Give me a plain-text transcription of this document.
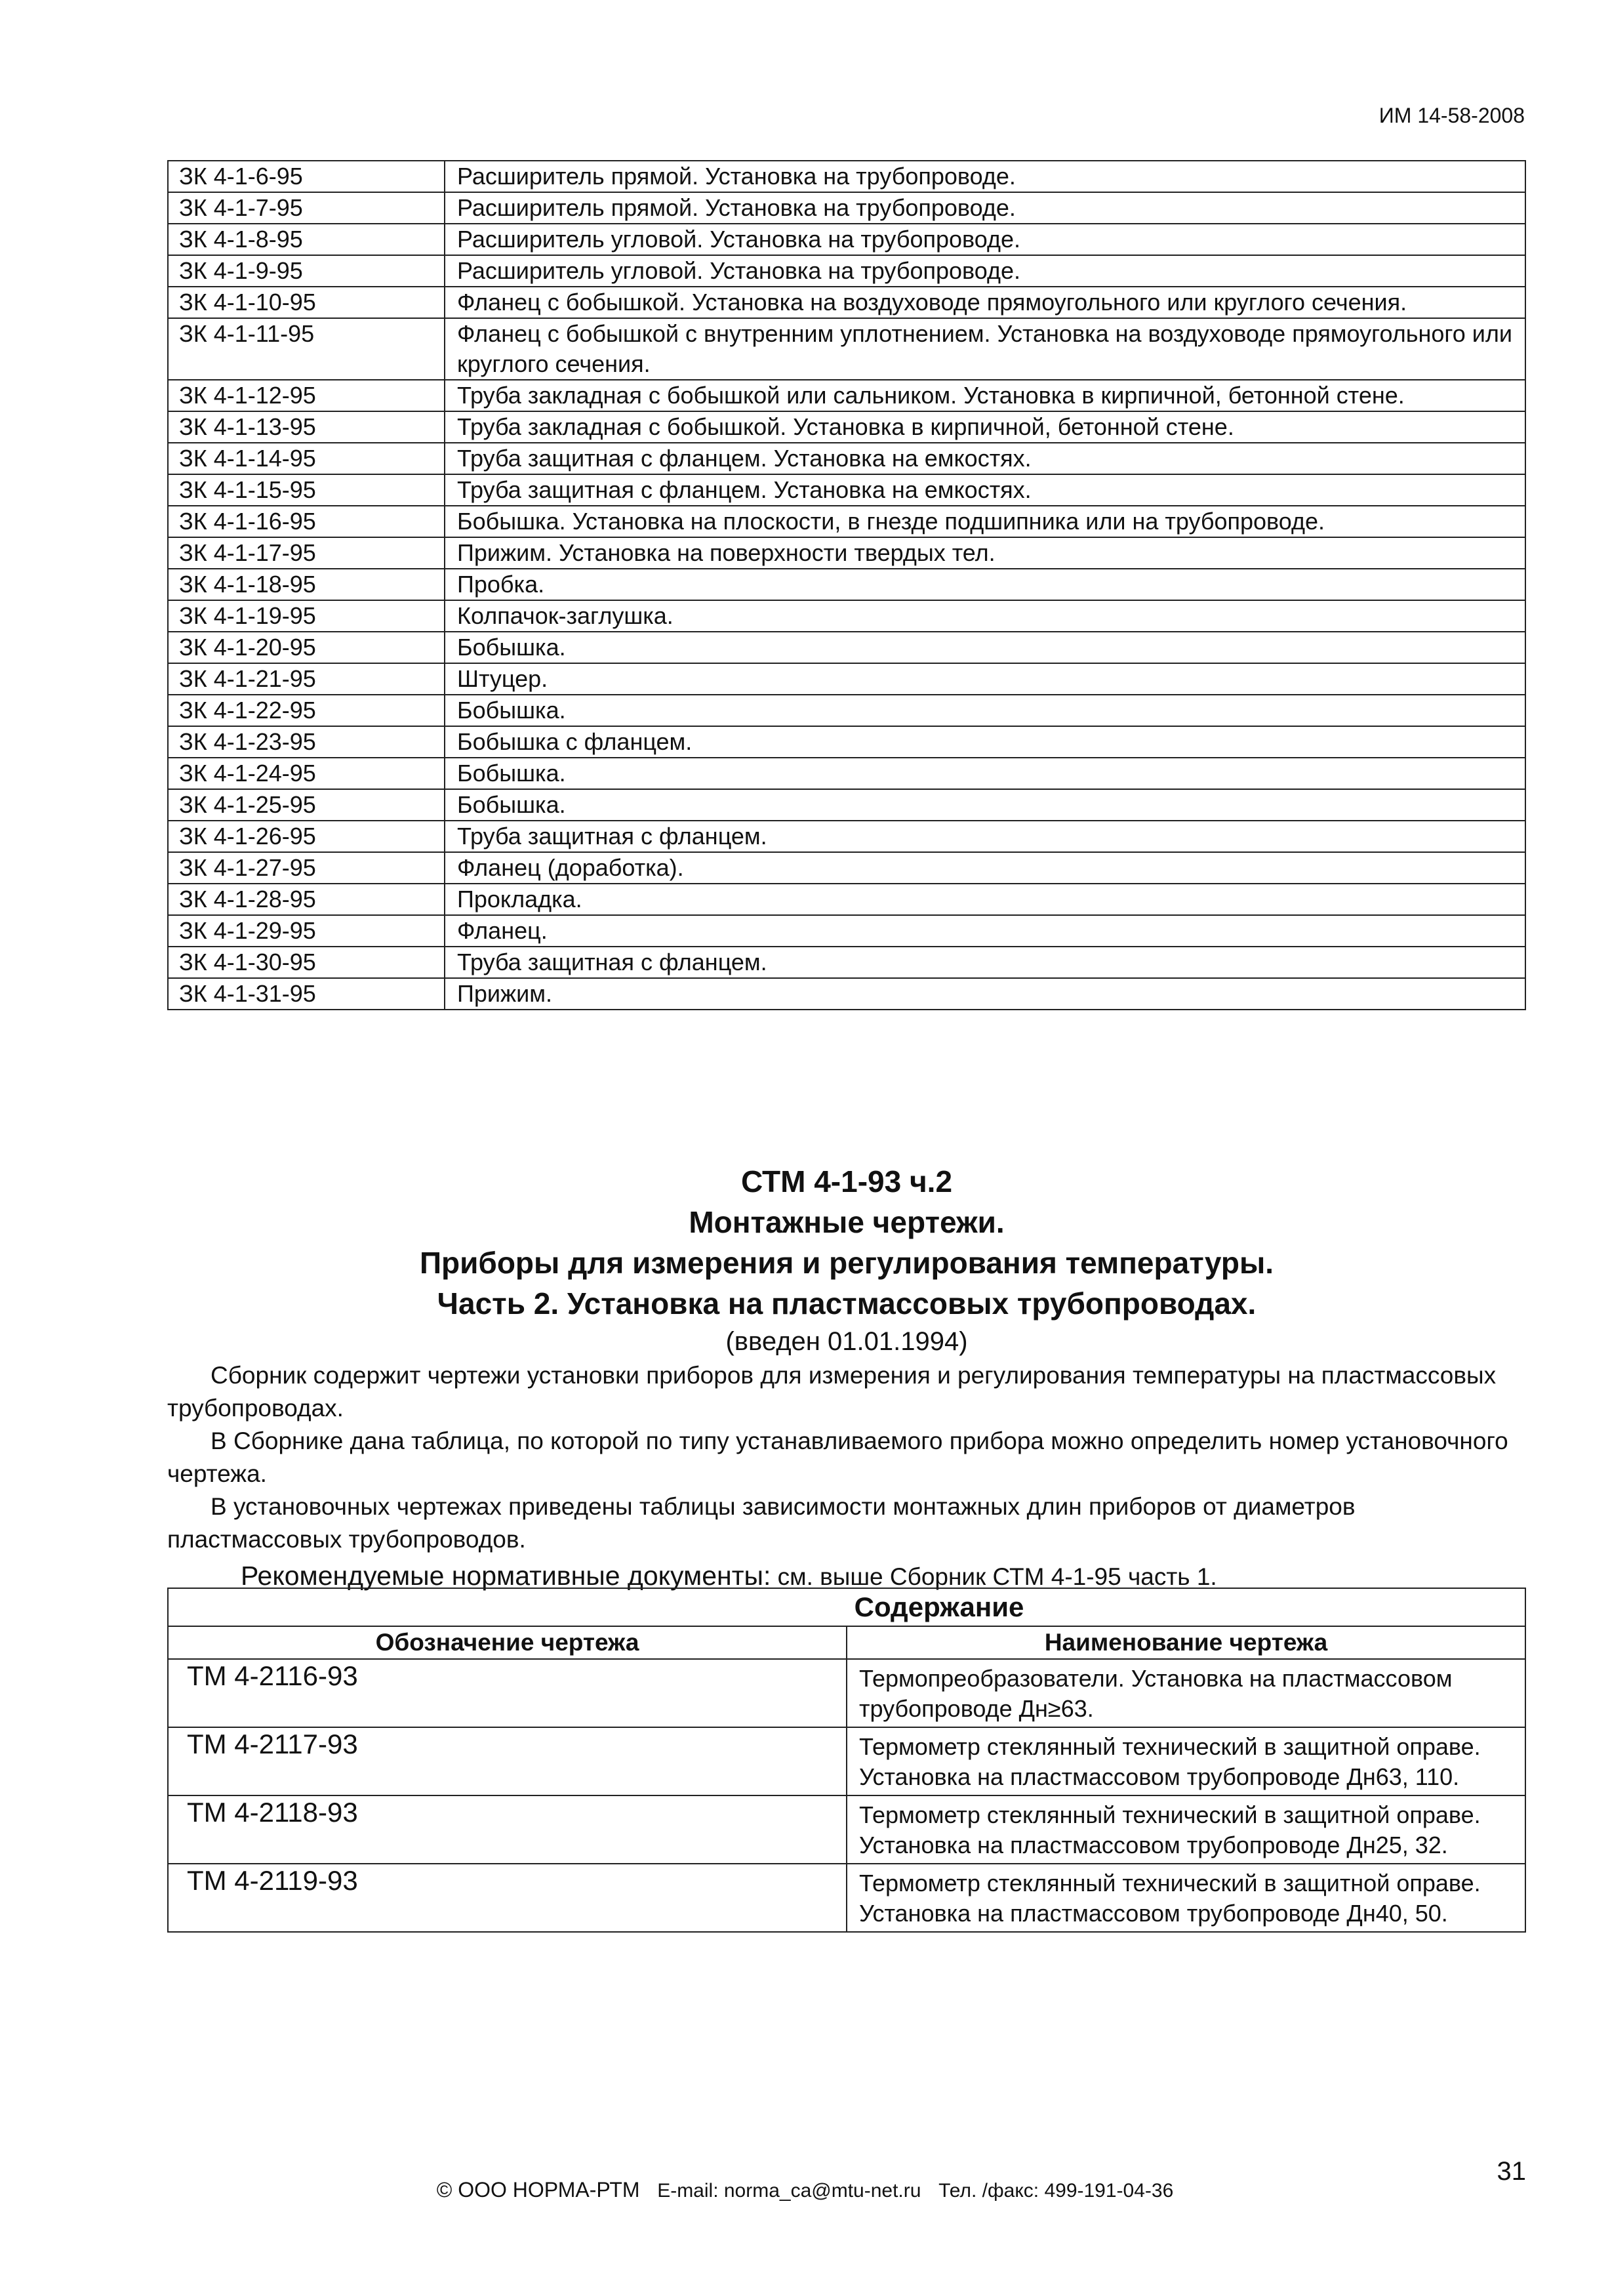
ИМ 14-58-2008
ЗК 4-1-6-95	Расширитель прямой. Установка на трубопроводе.
ЗК 4-1-7-95	Расширитель прямой. Установка на трубопроводе.
ЗК 4-1-8-95	Расширитель угловой. Установка на трубопроводе.
ЗК 4-1-9-95	Расширитель угловой. Установка на трубопроводе.
ЗК 4-1-10-95	Фланец с бобышкой. Установка на воздуховоде прямоугольного или круглого сечения.
ЗК 4-1-11-95	Фланец с бобышкой с внутренним уплотнением. Установка на воздуховоде прямоугольного или круглого сечения.
ЗК 4-1-12-95	Труба закладная с бобышкой или сальником. Установка в кирпичной, бетонной стене.
ЗК 4-1-13-95	Труба закладная с бобышкой. Установка в кирпичной, бетонной стене.
ЗК 4-1-14-95	Труба защитная с фланцем. Установка на емкостях.
ЗК 4-1-15-95	Труба защитная с фланцем. Установка на емкостях.
ЗК 4-1-16-95	Бобышка. Установка на плоскости, в гнезде подшипника или на трубопроводе.
ЗК 4-1-17-95	Прижим. Установка на поверхности твердых тел.
ЗК 4-1-18-95	Пробка.
ЗК 4-1-19-95	Колпачок-заглушка.
ЗК 4-1-20-95	Бобышка.
ЗК 4-1-21-95	Штуцер.
ЗК 4-1-22-95	Бобышка.
ЗК 4-1-23-95	Бобышка с фланцем.
ЗК 4-1-24-95	Бобышка.
ЗК 4-1-25-95	Бобышка.
ЗК 4-1-26-95	Труба защитная с фланцем.
ЗК 4-1-27-95	Фланец (доработка).
ЗК 4-1-28-95	Прокладка.
ЗК 4-1-29-95	Фланец.
ЗК 4-1-30-95	Труба защитная с фланцем.
ЗК 4-1-31-95	Прижим.
СТМ 4-1-93 ч.2
Монтажные чертежи.
Приборы для измерения и регулирования температуры.
Часть 2. Установка на пластмассовых трубопроводах.
(введен 01.01.1994)

Сборник содержит чертежи установки приборов для измерения и регулирования температуры на пластмассовых трубопроводах.

В Сборнике дана таблица, по которой по типу устанавливаемого прибора можно определить номер установочного чертежа.

В установочных чертежах приведены таблицы зависимости монтажных длин приборов от диаметров пластмассовых трубопроводов.

Рекомендуемые нормативные документы: см. выше Сборник СТМ 4-1-95 часть 1.
Содержание	
Обозначение чертежа	Наименование чертежа
ТМ 4-2116-93	Термопреобразователи. Установка на пластмассовом трубопроводе Дн≥63.
ТМ 4-2117-93	Термометр стеклянный технический в защитной оправе. Установка на пластмассовом трубопроводе Дн63, 110.
ТМ 4-2118-93	Термометр стеклянный технический в защитной оправе. Установка на пластмассовом трубопроводе Дн25, 32.
ТМ 4-2119-93	Термометр стеклянный технический в защитной оправе. Установка на пластмассовом трубопроводе Дн40, 50.
© ООО НОРМА-РТМ E-mail: norma_ca@mtu-net.ru Тел. /факс: 499-191-04-36
31
